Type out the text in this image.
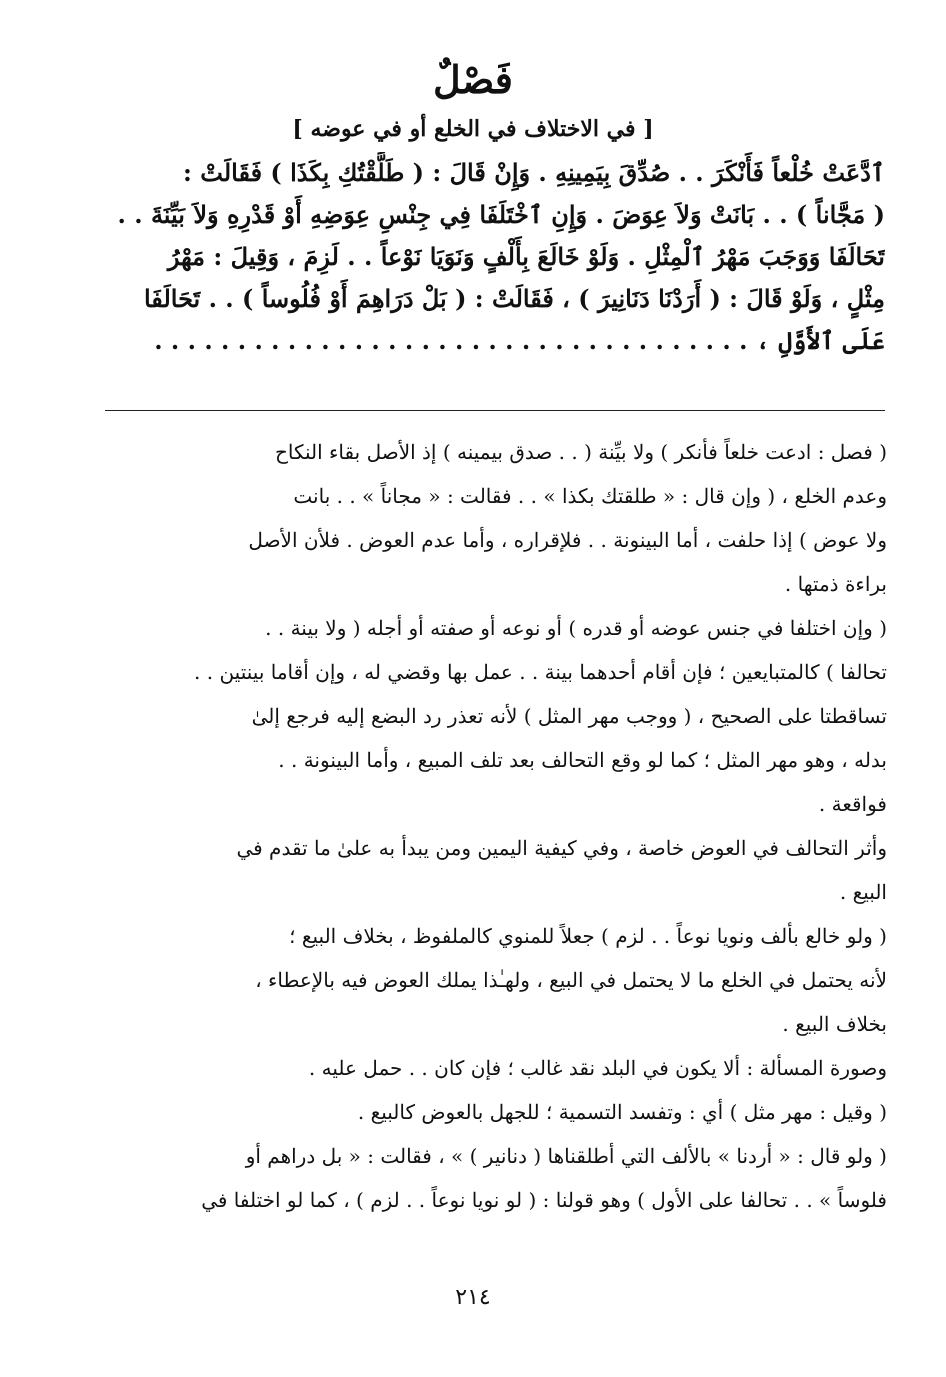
فَصْلٌ
[ في الاختلاف في الخلع أو في عوضه ]
ٱدَّعَتْ خُلْعاً فَأَنْكَرَ . . صُدِّقَ بِيَمِينِهِ . وَإِنْ قَالَ : ( طَلَّقْتُكِ بِكَذَا ) فَقَالَتْ :
( مَجَّاناً ) . . بَانَتْ وَلاَ عِوَضَ . وَإِنِ ٱخْتَلَفَا فِي جِنْسِ عِوَضِهِ أَوْ قَدْرِهِ وَلاَ بَيِّنَةَ . .
تَحَالَفَا وَوَجَبَ مَهْرُ ٱلْمِثْلِ . وَلَوْ خَالَعَ بِأَلْفٍ وَنَوَيَا نَوْعاً . . لَزِمَ ، وَقِيلَ : مَهْرُ
مِثْلٍ ، وَلَوْ قَالَ : ( أَرَدْنَا دَنَانِيرَ ) ، فَقَالَتْ : ( بَلْ دَرَاهِمَ أَوْ فُلُوساً ) . . تَحَالَفَا
عَلَى ٱلأَوَّلِ ، . . . . . . . . . . . . . . . . . . . . . . . . . . . . . . . . . . . .
( فصل : ادعت خلعاً فأنكر ) ولا بيِّنة ( . . صدق بيمينه ) إذ الأصل بقاء النكاح
وعدم الخلع ، ( وإن قال : « طلقتك بكذا » . . فقالت : « مجاناً » . . بانت
ولا عوض ) إذا حلفت ، أما البينونة . . فلإقراره ، وأما عدم العوض . فلأن الأصل
براءة ذمتها .
( وإن اختلفا في جنس عوضه أو قدره ) أو نوعه أو صفته أو أجله ( ولا بينة . .
تحالفا ) كالمتبايعين ؛ فإن أقام أحدهما بينة . . عمل بها وقضي له ، وإن أقاما بينتين . .
تساقطتا على الصحيح ، ( ووجب مهر المثل ) لأنه تعذر رد البضع إليه فرجع إلىٰ
بدله ، وهو مهر المثل ؛ كما لو وقع التحالف بعد تلف المبيع ، وأما البينونة . .
فواقعة .
وأثر التحالف في العوض خاصة ، وفي كيفية اليمين ومن يبدأ به علىٰ ما تقدم في
البيع .
( ولو خالع بألف ونويا نوعاً . . لزم ) جعلاً للمنوي كالملفوظ ، بخلاف البيع ؛
لأنه يحتمل في الخلع ما لا يحتمل في البيع ، ولهـٰذا يملك العوض فيه بالإعطاء ،
بخلاف البيع .
وصورة المسألة : ألا يكون في البلد نقد غالب ؛ فإن كان . . حمل عليه .
( وقيل : مهر مثل ) أي : وتفسد التسمية ؛ للجهل بالعوض كالبيع .
( ولو قال : « أردنا » بالألف التي أطلقناها ( دنانير ) » ، فقالت : « بل دراهم أو
فلوساً » . . تحالفا على الأول ) وهو قولنا : ( لو نويا نوعاً . . لزم ) ، كما لو اختلفا في
٢١٤
